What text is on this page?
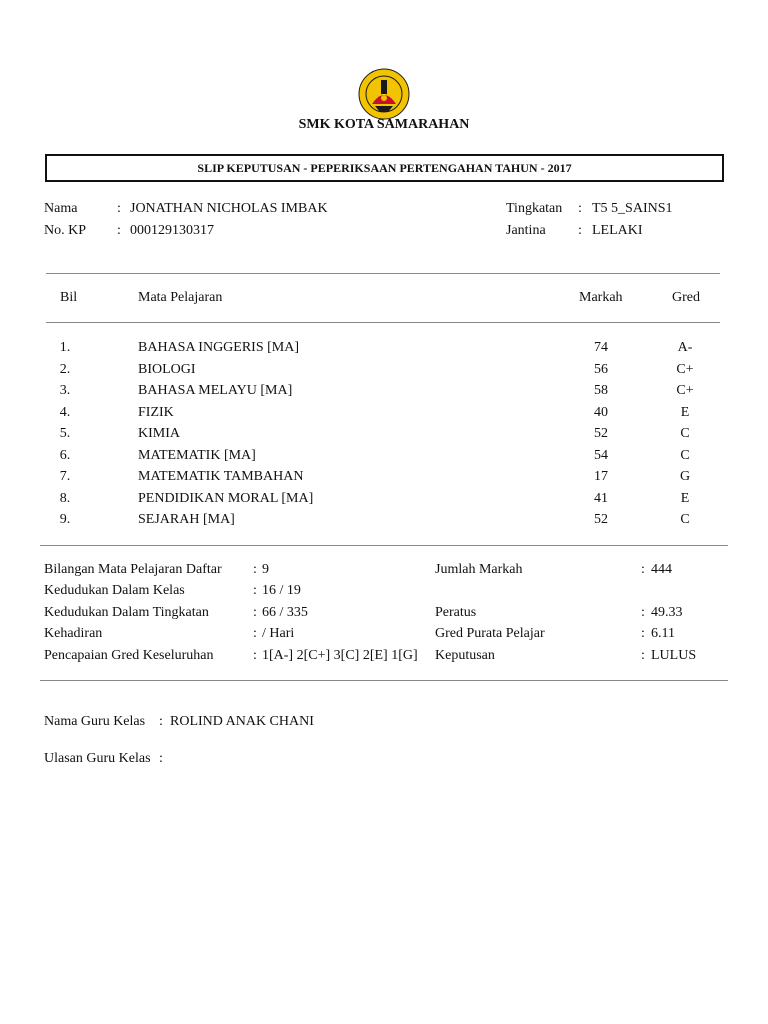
SMK KOTA SAMARAHAN
SLIP KEPUTUSAN - PEPERIKSAAN PERTENGAHAN TAHUN - 2017
Nama	: JONATHAN NICHOLAS IMBAK
No. KP : 000129130317
Tingkatan : T5 5_SAINS1
Jantina : LELAKI
Bil	Mata Pelajaran	Markah	Gred
1.	BAHASA INGGERIS [MA]	74	A-
2.	BIOLOGI	56	C+
3.	BAHASA MELAYU [MA]	58	C+
4.	FIZIK	40	E
5.	KIMIA	52	C
6.	MATEMATIK [MA]	54	C
7.	MATEMATIK TAMBAHAN	17	G
8.	PENDIDIKAN MORAL [MA]	41	E
9.	SEJARAH [MA]	52	C
Bilangan Mata Pelajaran Daftar : 9
Kedudukan Dalam Kelas	: 16 / 19
Kedudukan Dalam Tingkatan	: 66 / 335
Kehadiran	: / Hari
Pencapaian Gred Keseluruhan	: 1[A-] 2[C+] 3[C] 2[E] 1[G]
Jumlah Markah	: 444
Peratus	: 49.33
Gred Purata Pelajar	: 6.11
Keputusan	: LULUS
Nama Guru Kelas : ROLIND ANAK CHANI
Ulasan Guru Kelas :
